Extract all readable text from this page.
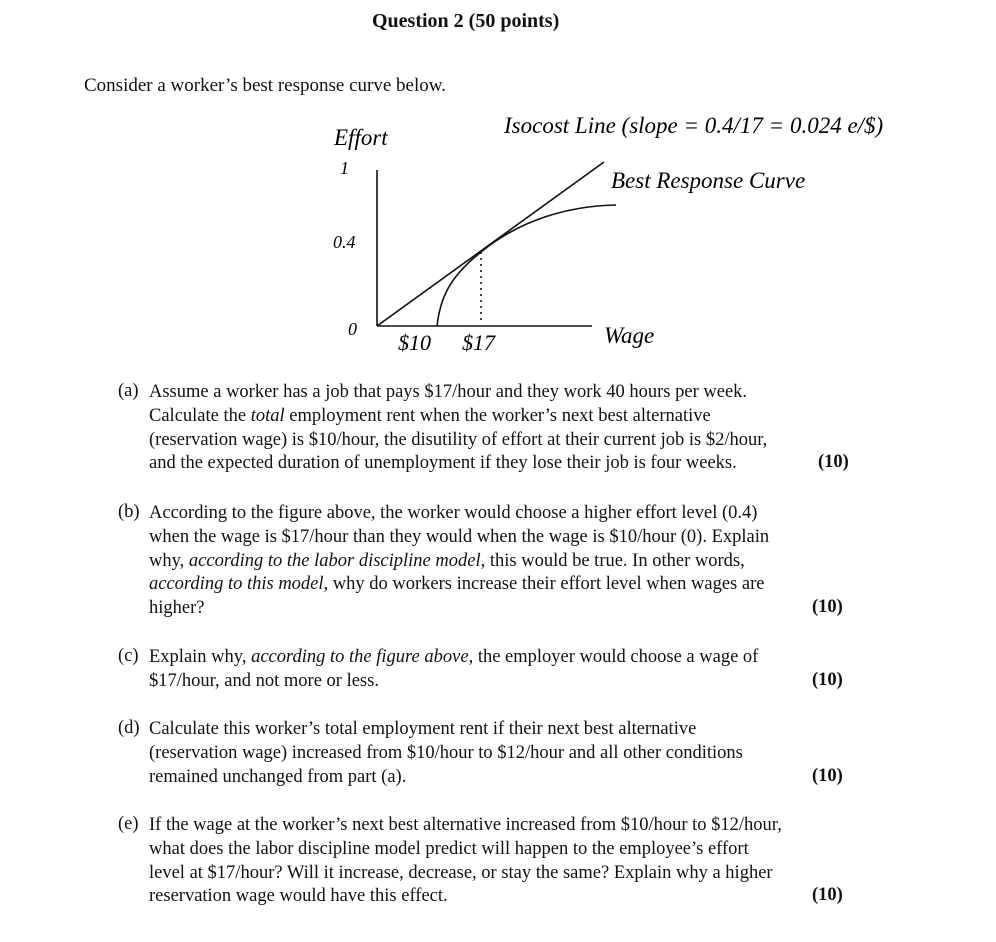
Question 2 (50 points)
Consider a worker’s best response curve below.
Isocost Line (slope = 0.4/17 = 0.024 e/$)
Effort
1
0.4
0
$10 $17	Wage
Best Response Curve
(a) Assume a worker has a job that pays $17/hour and they work 40 hours per week.
Calculate the total employment rent when the worker’s next best alternative
(reservation wage) is $10/hour, the disutility of effort at their current job is $2/hour,
and the expected duration of unemployment if they lose their job is four weeks.	(10)
(b) According to the figure above, the worker would choose a higher effort level (0.4)
when the wage is $17/hour than they would when the wage is $10/hour (0). Explain
why, according to the labor discipline model, this would be true. In other words,
according to this model, why do workers increase their effort level when wages are
higher?	(10)
(c) Explain why, according to the figure above, the employer would choose a wage of
$17/hour, and not more or less.	(10)
(d) Calculate this worker’s total employment rent if their next best alternative
(reservation wage) increased from $10/hour to $12/hour and all other conditions
remained unchanged from part (a).	(10)
(e) If the wage at the worker’s next best alternative increased from $10/hour to $12/hour,
what does the labor discipline model predict will happen to the employee’s effort
level at $17/hour? Will it increase, decrease, or stay the same? Explain why a higher
reservation wage would have this effect.	(10)
